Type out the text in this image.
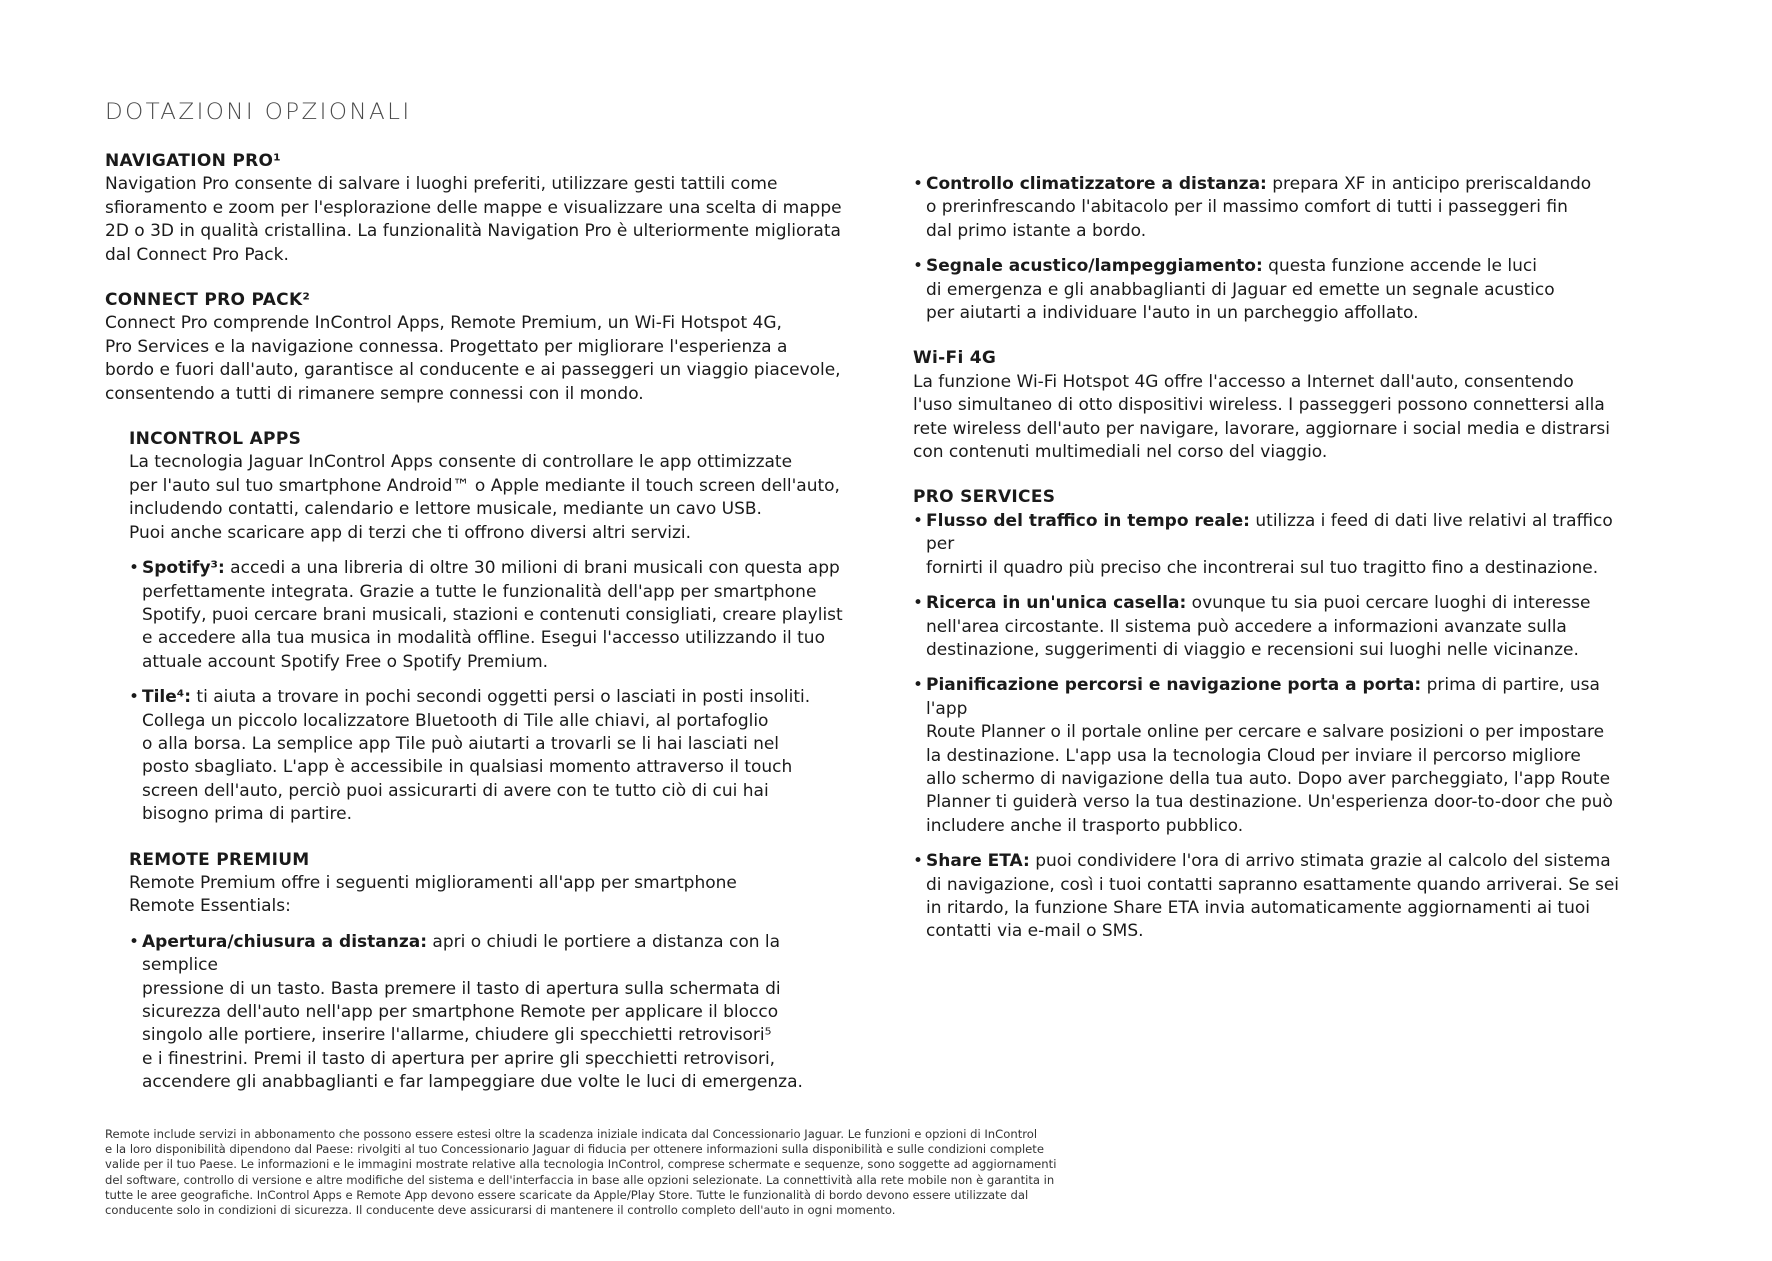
DOTAZIONI OPZIONALI
NAVIGATION PRO¹

Navigation Pro consente di salvare i luoghi preferiti, utilizzare gesti tattili come
sfioramento e zoom per l'esplorazione delle mappe e visualizzare una scelta di mappe
2D o 3D in qualità cristallina. La funzionalità Navigation Pro è ulteriormente migliorata
dal Connect Pro Pack.

CONNECT PRO PACK²

Connect Pro comprende InControl Apps, Remote Premium, un Wi-Fi Hotspot 4G,
Pro Services e la navigazione connessa. Progettato per migliorare l'esperienza a
bordo e fuori dall'auto, garantisce al conducente e ai passeggeri un viaggio piacevole,
consentendo a tutti di rimanere sempre connessi con il mondo.

INCONTROL APPS

La tecnologia Jaguar InControl Apps consente di controllare le app ottimizzate
per l'auto sul tuo smartphone Android™ o Apple mediante il touch screen dell'auto,
includendo contatti, calendario e lettore musicale, mediante un cavo USB.
Puoi anche scaricare app di terzi che ti offrono diversi altri servizi.

• Spotify³: accedi a una libreria di oltre 30 milioni di brani musicali con questa app
perfettamente integrata. Grazie a tutte le funzionalità dell'app per smartphone
Spotify, puoi cercare brani musicali, stazioni e contenuti consigliati, creare playlist
e accedere alla tua musica in modalità offline. Esegui l'accesso utilizzando il tuo
attuale account Spotify Free o Spotify Premium.
• Tile⁴: ti aiuta a trovare in pochi secondi oggetti persi o lasciati in posti insoliti.
Collega un piccolo localizzatore Bluetooth di Tile alle chiavi, al portafoglio
o alla borsa. La semplice app Tile può aiutarti a trovarli se li hai lasciati nel
posto sbagliato. L'app è accessibile in qualsiasi momento attraverso il touch
screen dell'auto, perciò puoi assicurarti di avere con te tutto ciò di cui hai
bisogno prima di partire.
REMOTE PREMIUM

Remote Premium offre i seguenti miglioramenti all'app per smartphone
Remote Essentials:

• Apertura/chiusura a distanza: apri o chiudi le portiere a distanza con la semplice
pressione di un tasto. Basta premere il tasto di apertura sulla schermata di
sicurezza dell'auto nell'app per smartphone Remote per applicare il blocco
singolo alle portiere, inserire l'allarme, chiudere gli specchietti retrovisori⁵
e i finestrini. Premi il tasto di apertura per aprire gli specchietti retrovisori,
accendere gli anabbaglianti e far lampeggiare due volte le luci di emergenza.
• Controllo climatizzatore a distanza: prepara XF in anticipo preriscaldando
o prerinfrescando l'abitacolo per il massimo comfort di tutti i passeggeri fin
dal primo istante a bordo.
• Segnale acustico/lampeggiamento: questa funzione accende le luci
di emergenza e gli anabbaglianti di Jaguar ed emette un segnale acustico
per aiutarti a individuare l'auto in un parcheggio affollato.
Wi-Fi 4G

La funzione Wi-Fi Hotspot 4G offre l'accesso a Internet dall'auto, consentendo
l'uso simultaneo di otto dispositivi wireless. I passeggeri possono connettersi alla
rete wireless dell'auto per navigare, lavorare, aggiornare i social media e distrarsi
con contenuti multimediali nel corso del viaggio.

PRO SERVICES
• Flusso del traffico in tempo reale: utilizza i feed di dati live relativi al traffico per
fornirti il quadro più preciso che incontrerai sul tuo tragitto fino a destinazione.
• Ricerca in un'unica casella: ovunque tu sia puoi cercare luoghi di interesse
nell'area circostante. Il sistema può accedere a informazioni avanzate sulla
destinazione, suggerimenti di viaggio e recensioni sui luoghi nelle vicinanze.
• Pianificazione percorsi e navigazione porta a porta: prima di partire, usa l'app
Route Planner o il portale online per cercare e salvare posizioni o per impostare
la destinazione. L'app usa la tecnologia Cloud per inviare il percorso migliore
allo schermo di navigazione della tua auto. Dopo aver parcheggiato, l'app Route
Planner ti guiderà verso la tua destinazione. Un'esperienza door-to-door che può
includere anche il trasporto pubblico.
• Share ETA: puoi condividere l'ora di arrivo stimata grazie al calcolo del sistema
di navigazione, così i tuoi contatti sapranno esattamente quando arriverai. Se sei
in ritardo, la funzione Share ETA invia automaticamente aggiornamenti ai tuoi
contatti via e-mail o SMS.
Remote include servizi in abbonamento che possono essere estesi oltre la scadenza iniziale indicata dal Concessionario Jaguar. Le funzioni e opzioni di InControl
e la loro disponibilità dipendono dal Paese: rivolgiti al tuo Concessionario Jaguar di fiducia per ottenere informazioni sulla disponibilità e sulle condizioni complete
valide per il tuo Paese. Le informazioni e le immagini mostrate relative alla tecnologia InControl, comprese schermate e sequenze, sono soggette ad aggiornamenti
del software, controllo di versione e altre modifiche del sistema e dell'interfaccia in base alle opzioni selezionate. La connettività alla rete mobile non è garantita in
tutte le aree geografiche. InControl Apps e Remote App devono essere scaricate da Apple/Play Store. Tutte le funzionalità di bordo devono essere utilizzate dal
conducente solo in condizioni di sicurezza. Il conducente deve assicurarsi di mantenere il controllo completo dell'auto in ogni momento.
